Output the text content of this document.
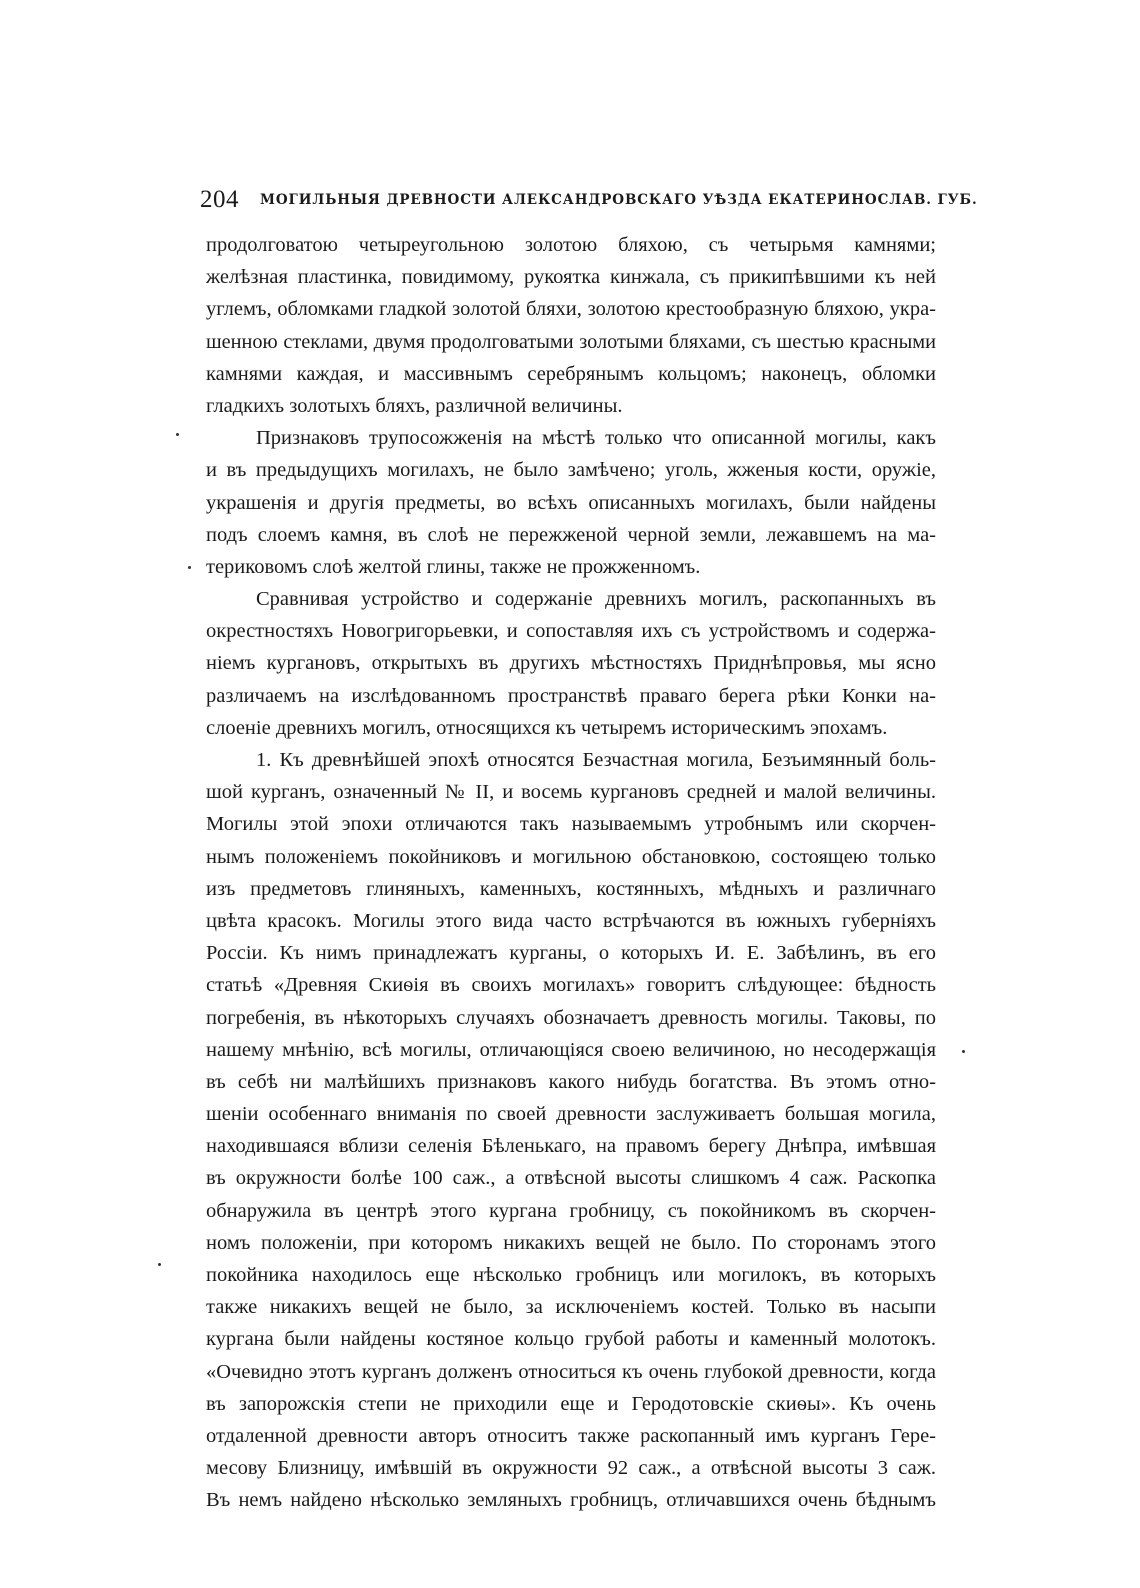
204 МОГИЛЬНЫЯ ДРЕВНОСТИ АЛЕКСАНДРОВСКАГО УѢЗДА ЕКАТЕРИНОСЛАВ. ГУБ.
продолговатою четыреугольною золотою бляхою, съ четырьмя камнями;
желѣзная пластинка, повидимому, рукоятка кинжала, съ прикипѣвшими къ ней
углемъ, обломками гладкой золотой бляхи, золотою крестообразную бляхою, укра-
шенною стеклами, двумя продолговатыми золотыми бляхами, съ шестью красными
камнями каждая, и массивнымъ серебрянымъ кольцомъ; наконецъ, обломки
гладкихъ золотыхъ бляхъ, различной величины.
Признаковъ трупосожженія на мѣстѣ только что описанной могилы, какъ
и въ предыдущихъ могилахъ, не было замѣчено; уголь, жженыя кости, оружіе,
украшенія и другія предметы, во всѣхъ описанныхъ могилахъ, были найдены
подъ слоемъ камня, въ слоѣ не пережженой черной земли, лежавшемъ на ма-
териковомъ слоѣ желтой глины, также не прожженномъ.
Сравнивая устройство и содержаніе древнихъ могилъ, раскопанныхъ въ
окрестностяхъ Новогригорьевки, и сопоставляя ихъ съ устройствомъ и содержа-
ніемъ кургановъ, открытыхъ въ другихъ мѣстностяхъ Приднѣпровья, мы ясно
различаемъ на изслѣдованномъ пространствѣ праваго берега рѣки Конки на-
слоеніе древнихъ могилъ, относящихся къ четыремъ историческимъ эпохамъ.
1. Къ древнѣйшей эпохѣ относятся Безчастная могила, Безъимянный боль-
шой курганъ, означенный № II, и восемь кургановъ средней и малой величины.
Могилы этой эпохи отличаются такъ называемымъ утробнымъ или скорчен-
нымъ положеніемъ покойниковъ и могильною обстановкою, состоящею только
изъ предметовъ глиняныхъ, каменныхъ, костянныхъ, мѣдныхъ и различнаго
цвѣта красокъ. Могилы этого вида часто встрѣчаются въ южныхъ губерніяхъ
Россіи. Къ нимъ принадлежатъ курганы, о которыхъ И. Е. Забѣлинъ, въ его
статьѣ «Древняя Скиѳія въ своихъ могилахъ» говоритъ слѣдующее: бѣдность
погребенія, въ нѣкоторыхъ случаяхъ обозначаетъ древность могилы. Таковы, по
нашему мнѣнію, всѣ могилы, отличающіяся своею величиною, но несодержащія
въ себѣ ни малѣйшихъ признаковъ какого нибудь богатства. Въ этомъ отно-
шеніи особеннаго вниманія по своей древности заслуживаетъ большая могила,
находившаяся вблизи селенія Бѣленькаго, на правомъ берегу Днѣпра, имѣвшая
въ окружности болѣе 100 саж., а отвѣсной высоты слишкомъ 4 саж. Раскопка
обнаружила въ центрѣ этого кургана гробницу, съ покойникомъ въ скорчен-
номъ положеніи, при которомъ никакихъ вещей не было. По сторонамъ этого
покойника находилось еще нѣсколько гробницъ или могилокъ, въ которыхъ
также никакихъ вещей не было, за исключеніемъ костей. Только въ насыпи
кургана были найдены костяное кольцо грубой работы и каменный молотокъ.
«Очевидно этотъ курганъ долженъ относиться къ очень глубокой древности, когда
въ запорожскія степи не приходили еще и Геродотовскіе скиѳы». Къ очень
отдаленной древности авторъ относитъ также раскопанный имъ курганъ Гере-
месову Близницу, имѣвшій въ окружности 92 саж., а отвѣсной высоты 3 саж.
Въ немъ найдено нѣсколько земляныхъ гробницъ, отличавшихся очень бѣднымъ
